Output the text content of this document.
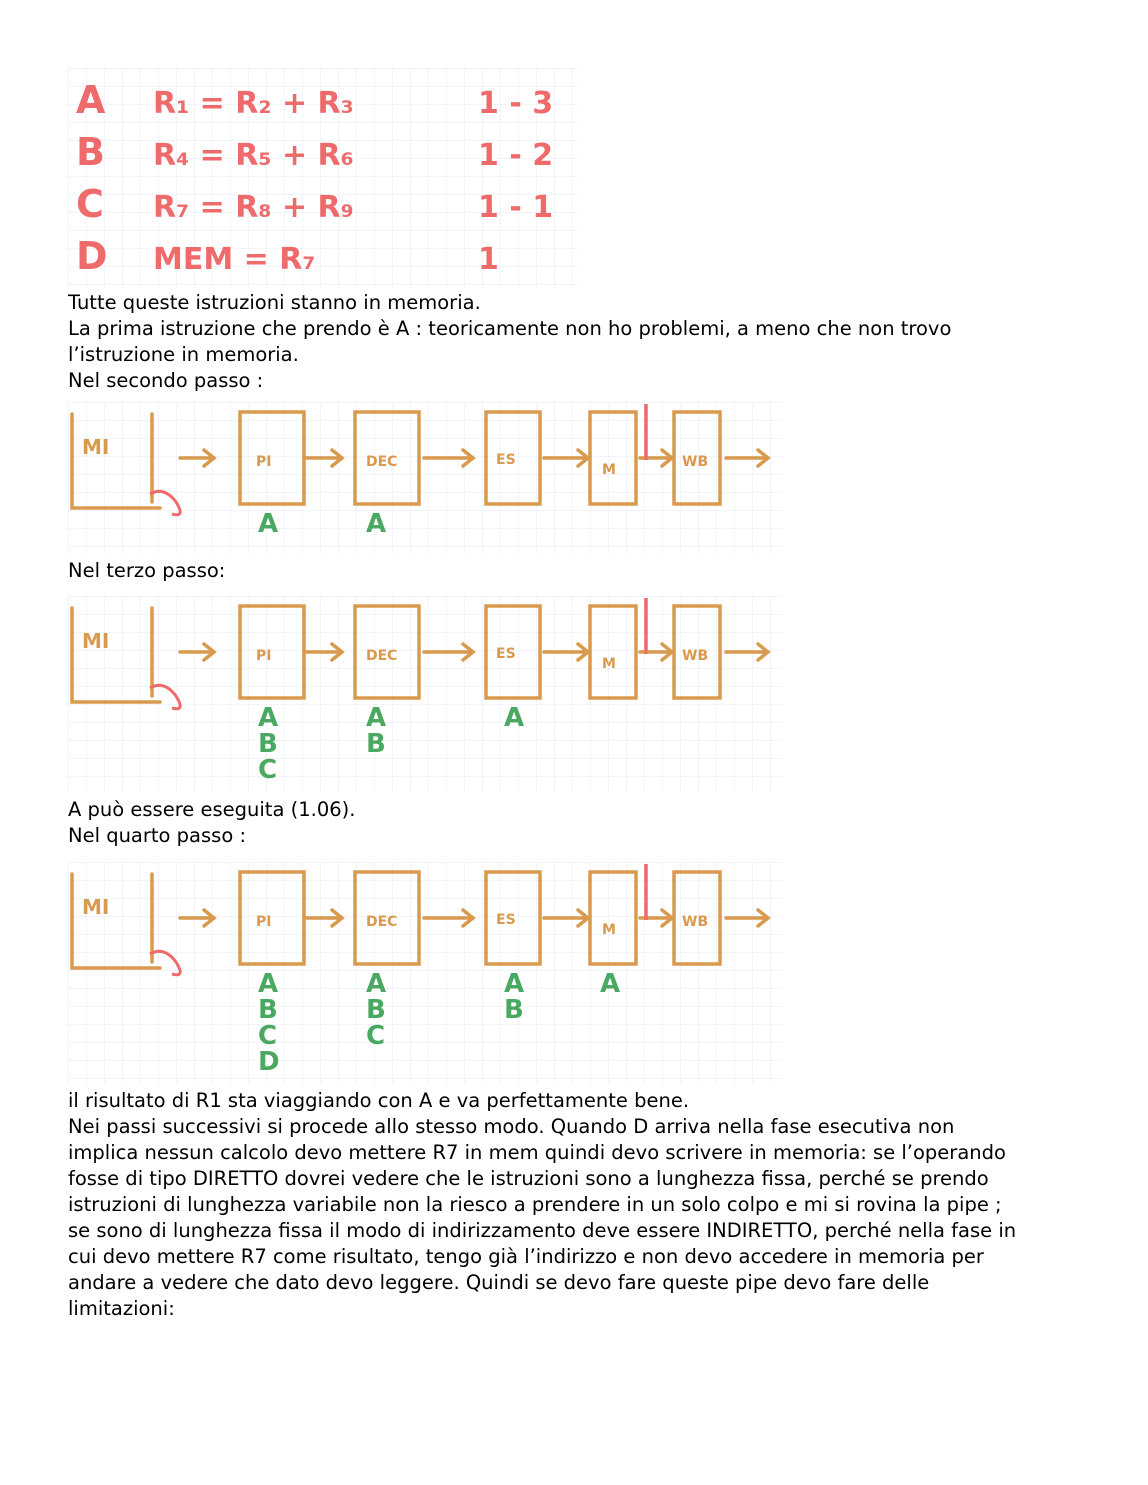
A R₁ = R₂ + R₃	1 - 3
B R₄ = R₅ + R₆	1 - 2
C R₇ = R₈ + R₉	1 - 1
D MEM = R₇	1

Tutte queste istruzioni stanno in memoria.

La prima istruzione che prendo è A : teoricamente non ho problemi, a meno che non trovo
l’istruzione in memoria.

Nel secondo passo :

MI
PI	DEC	ES
M	WB
A	A

Nel terzo passo:

MI
PI	DEC	ES
M	WB
A
B
C
A
B
A

A può essere eseguita (1.06).

Nel quarto passo :

MI
PI	DEC	ES
M	WB
A
B
C
D
A
B
C
A
B
A

il risultato di R1 sta viaggiando con A e va perfettamente bene.

Nei passi successivi si procede allo stesso modo. Quando D arriva nella fase esecutiva non
implica nessun calcolo devo mettere R7 in mem quindi devo scrivere in memoria: se l’operando
fosse di tipo DIRETTO dovrei vedere che le istruzioni sono a lunghezza fissa, perché se prendo
istruzioni di lunghezza variabile non la riesco a prendere in un solo colpo e mi si rovina la pipe ;
se sono di lunghezza fissa il modo di indirizzamento deve essere INDIRETTO, perché nella fase in
cui devo mettere R7 come risultato, tengo già l’indirizzo e non devo accedere in memoria per
andare a vedere che dato devo leggere. Quindi se devo fare queste pipe devo fare delle
limitazioni:
